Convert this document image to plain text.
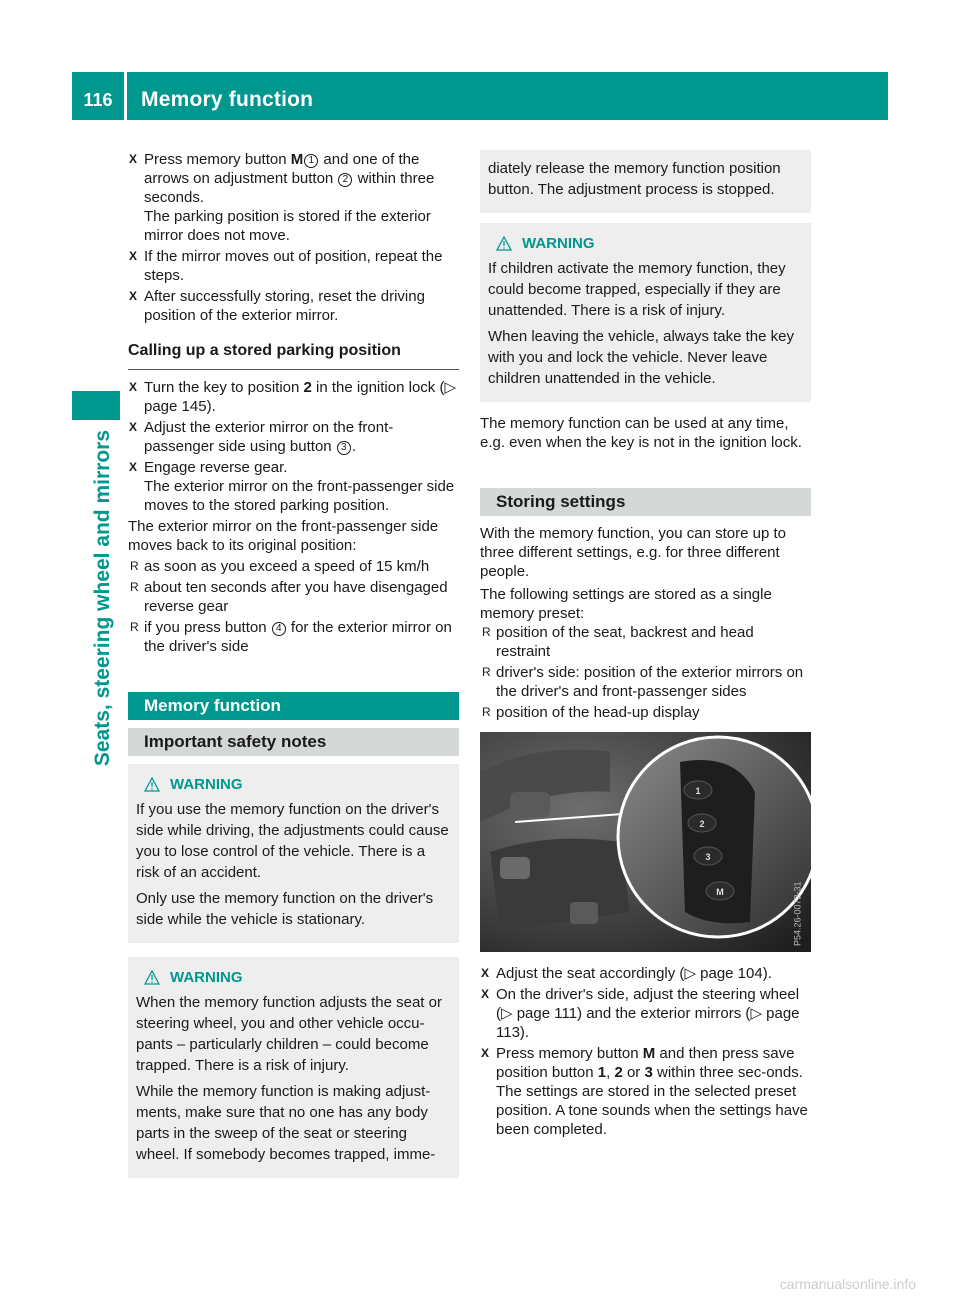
116	Memory function
Seats, steering wheel and mirrors
X Press memory button M 1 and one of the arrows on adjustment button 2 within three seconds.
The parking position is stored if the exterior mirror does not move.
X If the mirror moves out of position, repeat the steps.
X After successfully storing, reset the driving position of the exterior mirror.
Calling up a stored parking position
X Turn the key to position 2 in the ignition lock (▷ page 145).
X Adjust the exterior mirror on the front-passenger side using button 3 .
X Engage reverse gear.
The exterior mirror on the front-passenger side moves to the stored parking position.

The exterior mirror on the front-passenger side moves back to its original position:

R as soon as you exceed a speed of 15 km/h
R about ten seconds after you have disengaged reverse gear
R if you press button 4 for the exterior mirror on the driver's side
Memory function
Important safety notes
WARNING

If you use the memory function on the driver's side while driving, the adjustments could cause you to lose control of the vehicle. There is a risk of an accident.

Only use the memory function on the driver's side while the vehicle is stationary.

WARNING

When the memory function adjusts the seat or steering wheel, you and other vehicle occu-pants – particularly children – could become trapped. There is a risk of injury.

While the memory function is making adjust-ments, make sure that no one has any body parts in the sweep of the seat or steering wheel. If somebody becomes trapped, imme-

diately release the memory function position button. The adjustment process is stopped.

WARNING

If children activate the memory function, they could become trapped, especially if they are unattended. There is a risk of injury.

When leaving the vehicle, always take the key with you and lock the vehicle. Never leave children unattended in the vehicle.

The memory function can be used at any time, e.g. even when the key is not in the ignition lock.

Storing settings

With the memory function, you can store up to three different settings, e.g. for three different people.

The following settings are stored as a single memory preset:

R position of the seat, backrest and head restraint
R driver's side: position of the exterior mirrors on the driver's and front-passenger sides
R position of the head-up display
1
2
3
M	P54.26-0072-31
X Adjust the seat accordingly (▷ page 104).
X On the driver's side, adjust the steering wheel (▷ page 111) and the exterior mirrors (▷ page 113).
X Press memory button M and then press save position button 1, 2 or 3 within three sec-onds.
The settings are stored in the selected preset position. A tone sounds when the settings have been completed.
carmanualsonline.info
